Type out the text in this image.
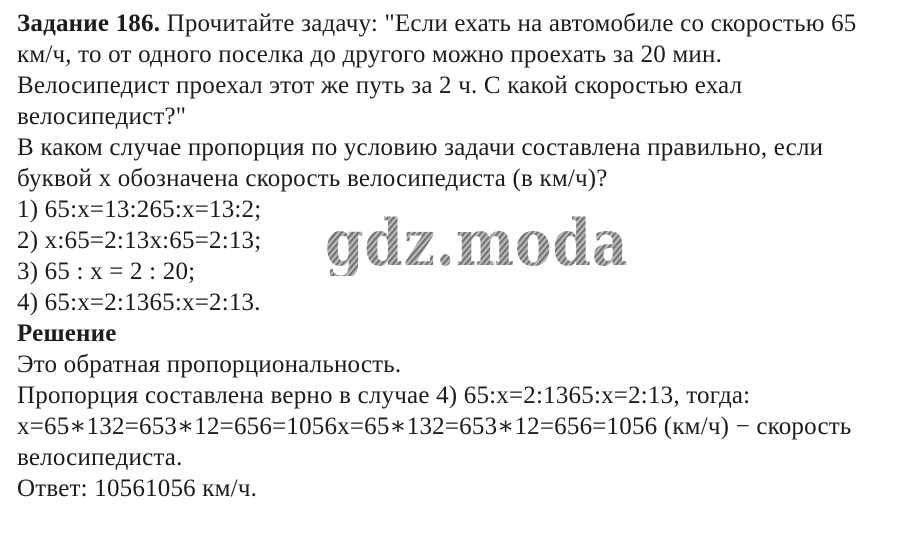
Задание 186. Прочитайте задачу: "Если ехать на автомобиле со скоростью 65
км/ч, то от одного поселка до другого можно проехать за 20 мин.
Велосипедист проехал этот же путь за 2 ч. С какой скоростью ехал
велосипедист?"
В каком случае пропорция по условию задачи составлена правильно, если
буквой x обозначена скорость велосипедиста (в км/ч)?
1) 65:x=13:265:x=13:2;
2) x:65=2:13x:65=2:13;
3) 65 : x = 2 : 20;
4) 65:x=2:1365:x=2:13.
Решение
Это обратная пропорциональность.
Пропорция составлена верно в случае 4) 65:x=2:1365:x=2:13, тогда:
x=65∗132=653∗12=656=1056x=65∗132=653∗12=656=1056 (км/ч) − скорость
велосипедиста.
Ответ: 10561056 км/ч.
gdz.moda
